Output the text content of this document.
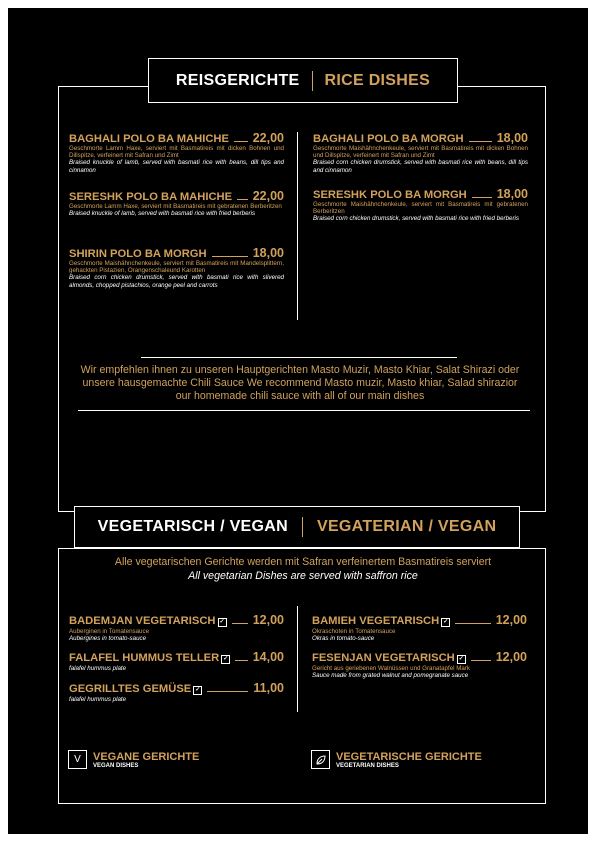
REISGERICHTE RICE DISHES
BAGHALI POLO BA MAHICHE 22,00
Geschmorte Lamm Haxe, serviert mit Basmatireis mit dicken Bohnen und Dillspitze, verfeinert mit Safran und Zimt
Braised knuckle of lamb, served with basmati rice with beans, dill tips and cinnamon
SERESHK POLO BA MAHICHE 22,00
Geschmorte Lamm Haxe, serviert mit Basmatireis mit gebratenen Berberitzen
Braised knuckle of lamb, served with basmati rice with fried berberis
SHIRIN POLO BA MORGH	18,00
Geschmorte Maishähnchenkeule, serviert mit Basmatireis mit Mandelsplittern, gehackten Pistazien, Orangenschaleund Karotten
Braised corn chicken drumstick, served with basmati rice with slivered almonds, chopped pistachios, orange peel and carrots
BAGHALI POLO BA MORGH	18,00
Geschmorte Maishähnchenkeule, serviert mit Basmatireis mit dicken Bohnen und Dillspitze, verfeinert mit Safran und Zimt
Braised corn chicken drumstick, served with basmati rice with beans, dill tips and cinnamon
SERESHK POLO BA MORGH 18,00
Geschmorte Maishähnchenkeule, serviert mit Basmatireis mit gebratenen Berberitzen
Braised corn chicken drumstick, served with basmati rice with fried berberis
Wir empfehlen ihnen zu unseren Hauptgerichten Masto Muzir, Masto Khiar, Salat Shirazi oder unsere hausgemachte Chili Sauce We recommend Masto muzir, Masto khiar, Salad shirazior our homemade chili sauce with all of our main dishes
VEGETARISCH / VEGAN VEGATERIAN / VEGAN
Alle vegetarischen Gerichte werden mit Safran verfeinertem Basmatireis serviert
All vegetarian Dishes are served with saffron rice
BADEMJAN VEGETARISCH ✓ 12,00
Auberginen in Tomatensauce
Aubergines in tomato-sauce
FALAFEL HUMMUS TELLER ✓ 14,00
falafel hummus plate
GEGRILLTES GEMÜSE ✓	11,00
falafel hummus plate
BAMIEH VEGETARISCH ✓	12,00
Okraschoten in Tomatensauce
Okras in tomato-sauce
FESENJAN VEGETARISCH ✓	12,00
Gericht aus geriebenen Walnüssen und Granatapfel Mark
Sauce made from grated walnut and pomegranate sauce
V VEGANE GERICHTE
VEGAN DISHES
VEGETARISCHE GERICHTE
VEGETARIAN DISHES
